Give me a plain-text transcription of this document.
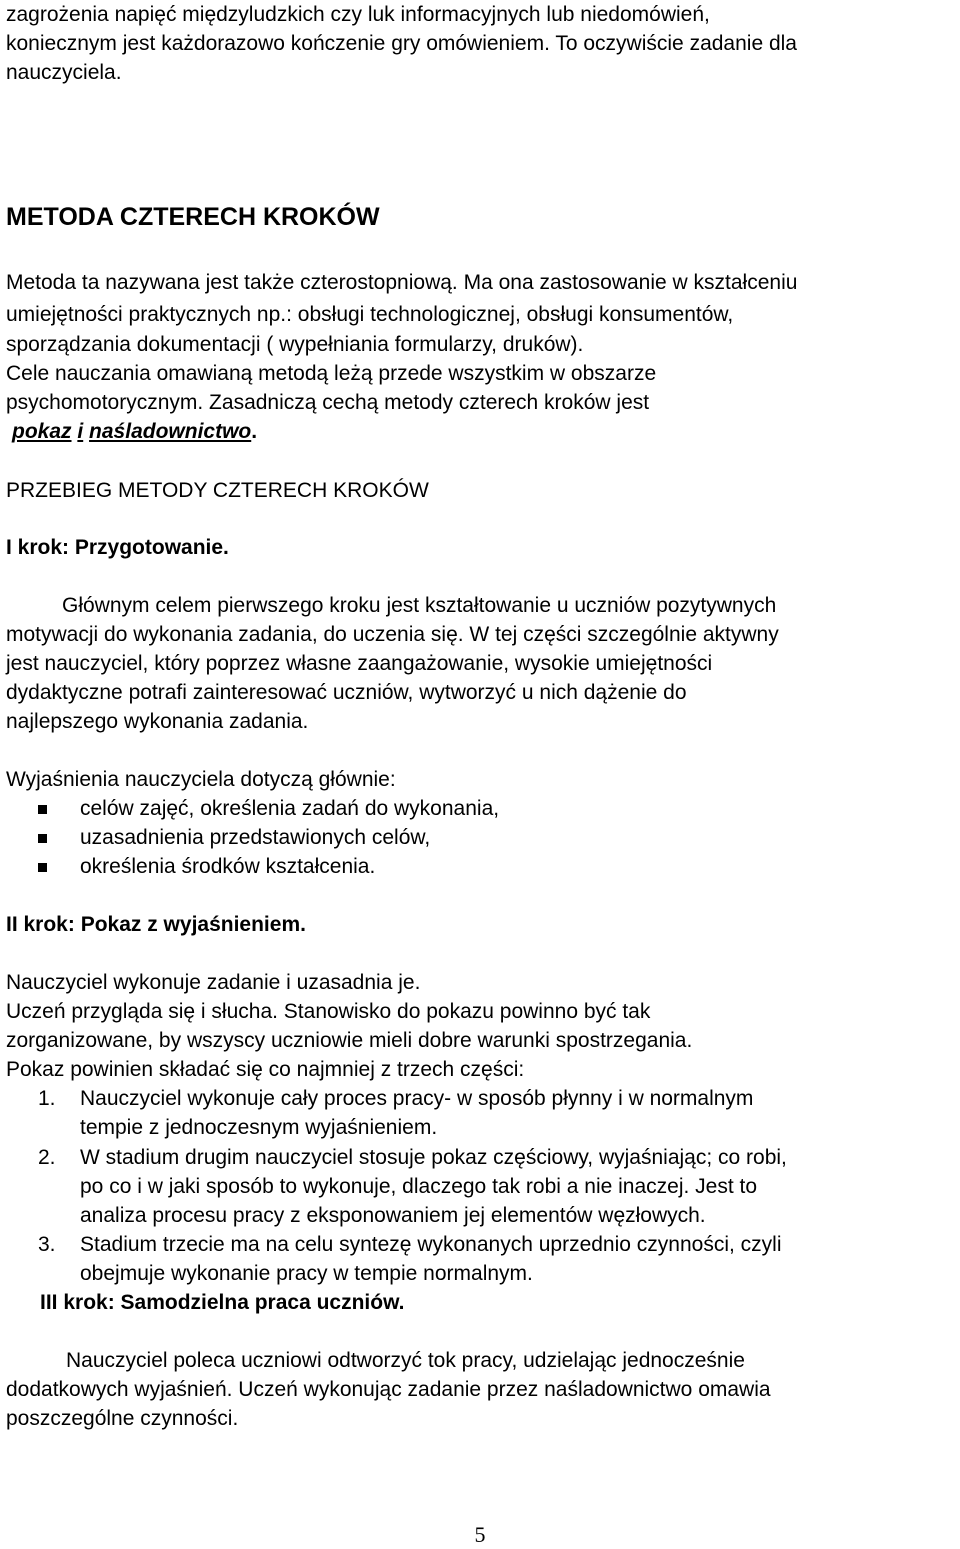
zagrożenia napięć międzyludzkich czy luk informacyjnych lub niedomówień,
koniecznym jest każdorazowo kończenie gry omówieniem. To oczywiście zadanie dla
nauczyciela.
METODA CZTERECH KROKÓW
Metoda ta nazywana jest także czterostopniową. Ma ona zastosowanie w kształceniu
umiejętności praktycznych np.: obsługi technologicznej, obsługi konsumentów,
sporządzania dokumentacji ( wypełniania formularzy, druków).
Cele nauczania omawianą metodą leżą przede wszystkim w obszarze
psychomotorycznym. Zasadniczą cechą metody czterech kroków jest
pokaz i naśladownictwo.
PRZEBIEG METODY CZTERECH KROKÓW
I krok: Przygotowanie.
Głównym celem pierwszego kroku jest kształtowanie u uczniów pozytywnych
motywacji do wykonania zadania, do uczenia się. W tej części szczególnie aktywny
jest nauczyciel, który poprzez własne zaangażowanie, wysokie umiejętności
dydaktyczne potrafi zainteresować uczniów, wytworzyć u nich dążenie do
najlepszego wykonania zadania.
Wyjaśnienia nauczyciela dotyczą głównie:
celów zajęć, określenia zadań do wykonania,
uzasadnienia przedstawionych celów,
określenia środków kształcenia.
II krok: Pokaz z wyjaśnieniem.
Nauczyciel wykonuje zadanie i uzasadnia je.
Uczeń przygląda się i słucha. Stanowisko do pokazu powinno być tak
zorganizowane, by wszyscy uczniowie mieli dobre warunki spostrzegania.
Pokaz powinien składać się co najmniej z trzech części:
1. Nauczyciel wykonuje cały proces pracy- w sposób płynny i w normalnym
tempie z jednoczesnym wyjaśnieniem.
2. W stadium drugim nauczyciel stosuje pokaz częściowy, wyjaśniając; co robi,
po co i w jaki sposób to wykonuje, dlaczego tak robi a nie inaczej. Jest to
analiza procesu pracy z eksponowaniem jej elementów węzłowych.
3. Stadium trzecie ma na celu syntezę wykonanych uprzednio czynności, czyli
obejmuje wykonanie pracy w tempie normalnym.
III krok: Samodzielna praca uczniów.
Nauczyciel poleca uczniowi odtworzyć tok pracy, udzielając jednocześnie
dodatkowych wyjaśnień. Uczeń wykonując zadanie przez naśladownictwo omawia
poszczególne czynności.
5
